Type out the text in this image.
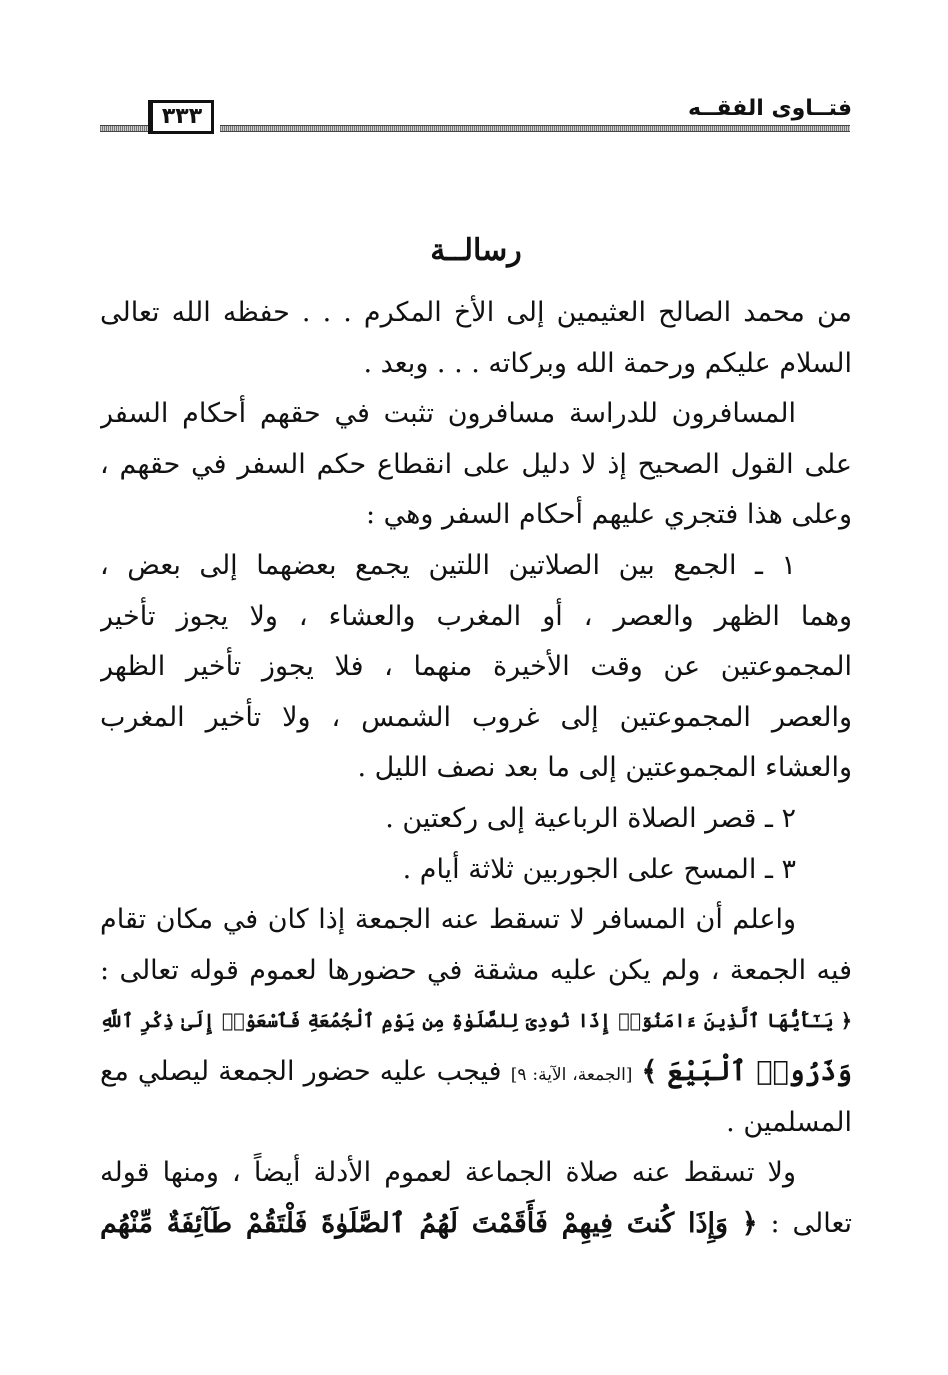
فتــاوى الفقــه
٣٣٣
رسالــة
من محمد الصالح العثيمين إلى الأخ المكرم . . . حفظه الله تعالى
السلام عليكم ورحمة الله وبركاته . . . وبعد .
المسافرون للدراسة مسافرون تثبت في حقهم أحكام السفر
على القول الصحيح إذ لا دليل على انقطاع حكم السفر في حقهم ،
وعلى هذا فتجري عليهم أحكام السفر وهي :
١ ـ الجمع بين الصلاتين اللتين يجمع بعضهما إلى بعض ،
وهما الظهر والعصر ، أو المغرب والعشاء ، ولا يجوز تأخير
المجموعتين عن وقت الأخيرة منهما ، فلا يجوز تأخير الظهر
والعصر المجموعتين إلى غروب الشمس ، ولا تأخير المغرب
والعشاء المجموعتين إلى ما بعد نصف الليل .
٢ ـ قصر الصلاة الرباعية إلى ركعتين .
٣ ـ المسح على الجوربين ثلاثة أيام .
واعلم أن المسافر لا تسقط عنه الجمعة إذا كان في مكان تقام
فيه الجمعة ، ولم يكن عليه مشقة في حضورها لعموم قوله تعالى :
﴿ يَـٰٓأَيُّهَا ٱلَّذِينَ ءَامَنُوٓا۟ إِذَا نُودِىَ لِلصَّلَوٰةِ مِن يَوْمِ ٱلْجُمُعَةِ فَٱسْعَوْا۟ إِلَىٰ ذِكْرِ ٱللَّهِ
وَذَرُوا۟ ٱلْبَيْعَ ﴾ [الجمعة، الآية: ٩] فيجب عليه حضور الجمعة ليصلي مع
المسلمين .
ولا تسقط عنه صلاة الجماعة لعموم الأدلة أيضاً ، ومنها قوله
تعالى : ﴿ وَإِذَا كُنتَ فِيهِمْ فَأَقَمْتَ لَهُمُ ٱلصَّلَوٰةَ فَلْتَقُمْ طَآئِفَةٌ مِّنْهُم
